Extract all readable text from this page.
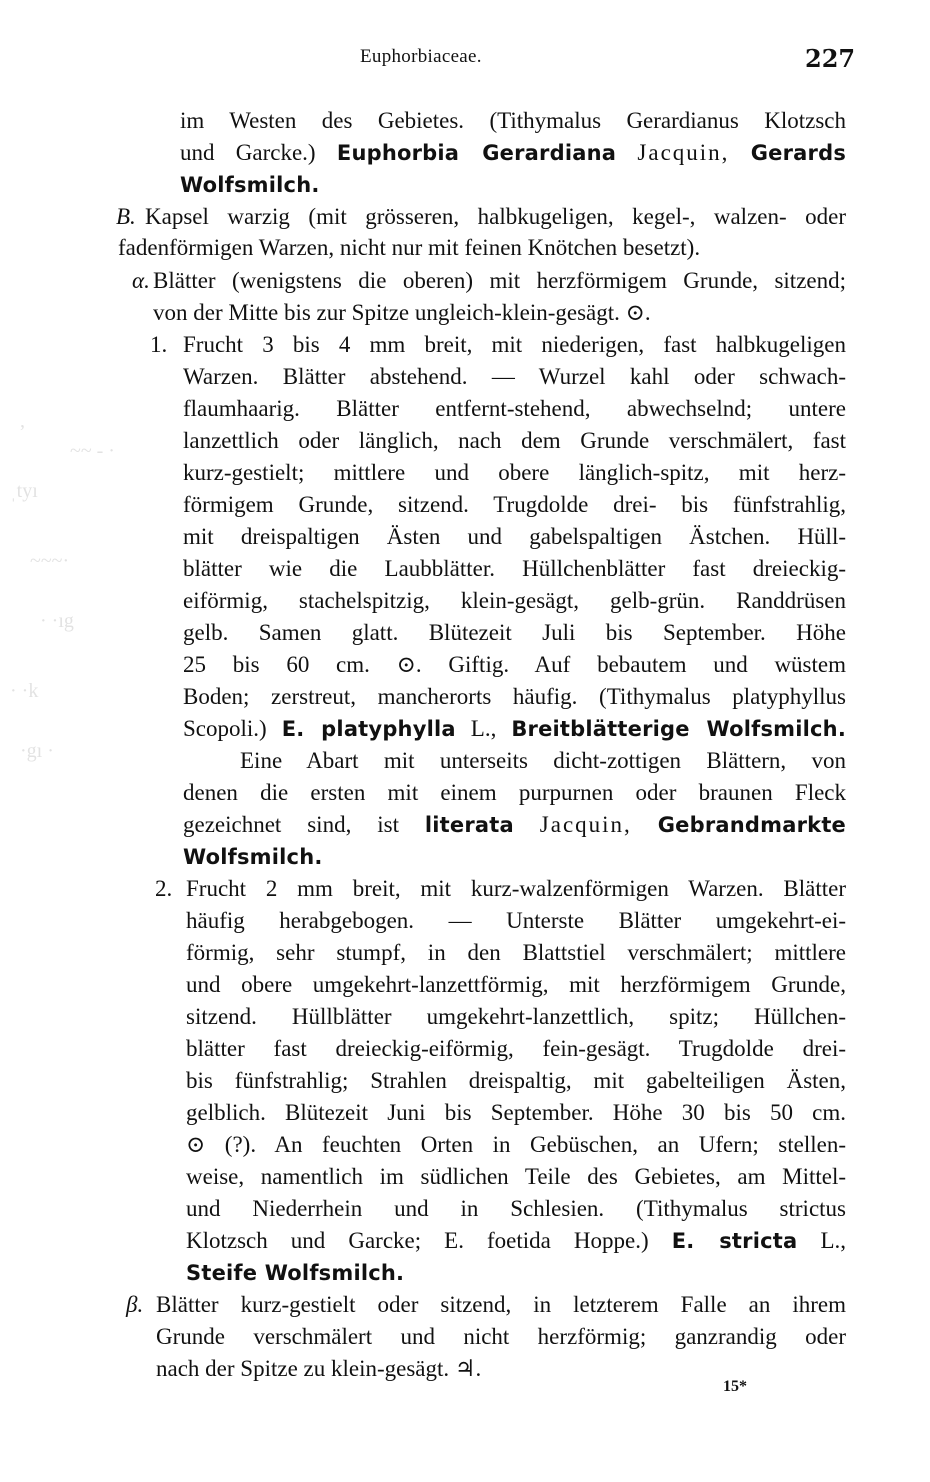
,
~~ - ·
ˌtyı
~~~·
· ·ıg
· ·k
·gı ·
Euphorbiaceae.	227
im Westen des Gebietes. (Tithymalus Gerardianus Klotzsch
und Garcke.) Euphorbia Gerardiana Jacquin, Gerards
Wolfsmilch.
B. Kapsel warzig (mit grösseren, halbkugeligen, kegel-, walzen- oder
fadenförmigen Warzen, nicht nur mit feinen Knötchen besetzt).
α. Blätter (wenigstens die oberen) mit herzförmigem Grunde, sitzend;
von der Mitte bis zur Spitze ungleich-klein-gesägt. ⊙.
1. Frucht 3 bis 4 mm breit, mit niederigen, fast halbkugeligen
Warzen. Blätter abstehend. — Wurzel kahl oder schwach-
flaumhaarig. Blätter entfernt-stehend, abwechselnd; untere
lanzettlich oder länglich, nach dem Grunde verschmälert, fast
kurz-gestielt; mittlere und obere länglich-spitz, mit herz-
förmigem Grunde, sitzend. Trugdolde drei- bis fünfstrahlig,
mit dreispaltigen Ästen und gabelspaltigen Ästchen. Hüll-
blätter wie die Laubblätter. Hüllchenblätter fast dreieckig-
eiförmig, stachelspitzig, klein-gesägt, gelb-grün. Randdrüsen
gelb. Samen glatt. Blütezeit Juli bis September. Höhe
25 bis 60 cm. ⊙. Giftig. Auf bebautem und wüstem
Boden; zerstreut, mancherorts häufig. (Tithymalus platyphyllus
Scopoli.) E. platyphylla L., Breitblätterige Wolfsmilch.
Eine Abart mit unterseits dicht-zottigen Blättern, von
denen die ersten mit einem purpurnen oder braunen Fleck
gezeichnet sind, ist literata Jacquin, Gebrandmarkte
Wolfsmilch.
2. Frucht 2 mm breit, mit kurz-walzenförmigen Warzen. Blätter
häufig herabgebogen. — Unterste Blätter umgekehrt-ei-
förmig, sehr stumpf, in den Blattstiel verschmälert; mittlere
und obere umgekehrt-lanzettförmig, mit herzförmigem Grunde,
sitzend. Hüllblätter umgekehrt-lanzettlich, spitz; Hüllchen-
blätter fast dreieckig-eiförmig, fein-gesägt. Trugdolde drei-
bis fünfstrahlig; Strahlen dreispaltig, mit gabelteiligen Ästen,
gelblich. Blütezeit Juni bis September. Höhe 30 bis 50 cm.
⊙ (?). An feuchten Orten in Gebüschen, an Ufern; stellen-
weise, namentlich im südlichen Teile des Gebietes, am Mittel-
und Niederrhein und in Schlesien. (Tithymalus strictus
Klotzsch und Garcke; E. foetida Hoppe.) E. stricta L.,
Steife Wolfsmilch.
β. Blätter kurz-gestielt oder sitzend, in letzterem Falle an ihrem
Grunde verschmälert und nicht herzförmig; ganzrandig oder
nach der Spitze zu klein-gesägt. ♃.
15*
